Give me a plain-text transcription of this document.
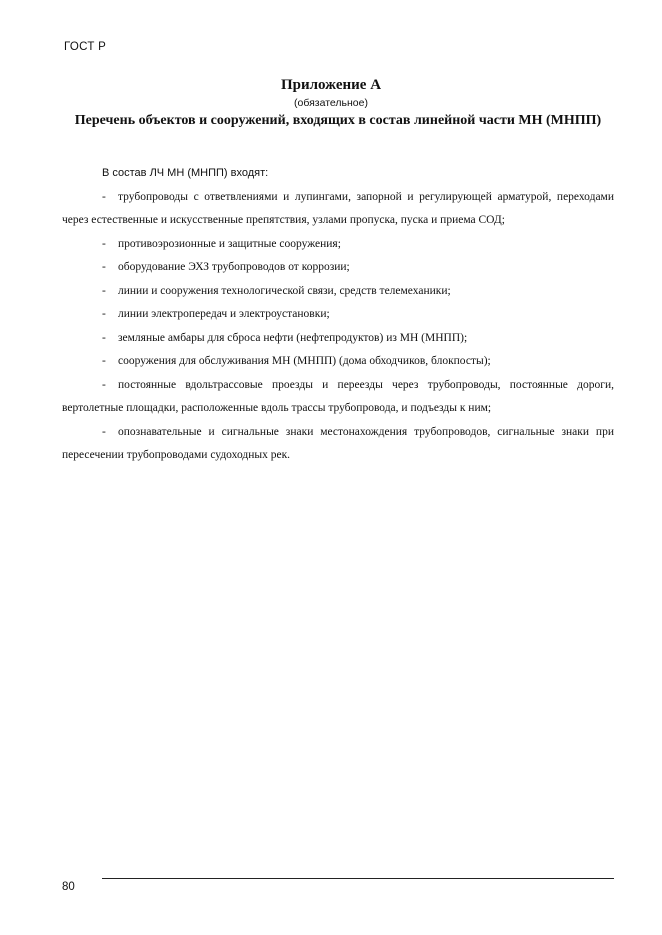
ГОСТ Р
Приложение А
(обязательное)
Перечень объектов и сооружений, входящих в состав линейной части МН (МНПП)

В состав ЛЧ МН (МНПП) входят:

- трубопроводы с ответвлениями и лупингами, запорной и регулирующей арматурой, переходами через естественные и искусственные препятствия, узлами пропуска, пуска и приема СОД;

- противоэрозионные и защитные сооружения;

- оборудование ЭХЗ трубопроводов от коррозии;

- линии и сооружения технологической связи, средств телемеханики;

- линии электропередач и электроустановки;

- земляные амбары для сброса нефти (нефтепродуктов) из МН (МНПП);

- сооружения для обслуживания МН (МНПП) (дома обходчиков, блокпосты);

- постоянные вдольтрассовые проезды и переезды через трубопроводы, постоянные дороги, вертолетные площадки, расположенные вдоль трассы трубопровода, и подъезды к ним;

- опознавательные и сигнальные знаки местонахождения трубопроводов, сигнальные знаки при пересечении трубопроводами судоходных рек.

80
